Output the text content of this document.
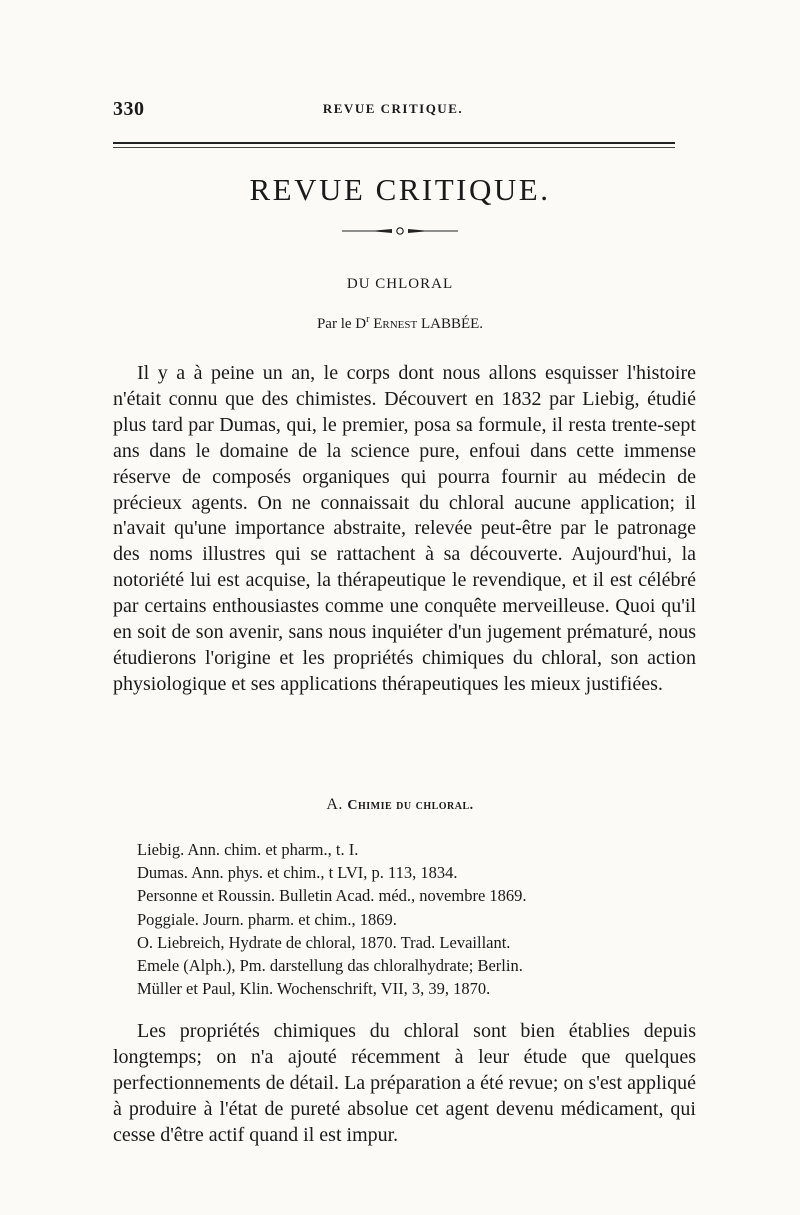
330	REVUE CRITIQUE.
REVUE CRITIQUE.
DU CHLORAL
Par le $D^r$ Ernest LABBÉE.

Il y a à peine un an, le corps dont nous allons esquisser l'histoire n'était connu que des chimistes. Découvert en 1832 par Liebig, étudié plus tard par Dumas, qui, le premier, posa sa formule, il resta trente-sept ans dans le domaine de la science pure, enfoui dans cette immense réserve de composés organiques qui pourra fournir au médecin de précieux agents. On ne connaissait du chloral aucune application; il n'avait qu'une importance abstraite, relevée peut-être par le patronage des noms illustres qui se rattachent à sa découverte. Aujourd'hui, la notoriété lui est acquise, la thérapeutique le revendique, et il est célébré par certains enthousiastes comme une conquête merveilleuse. Quoi qu'il en soit de son avenir, sans nous inquiéter d'un jugement prématuré, nous étudierons l'origine et les propriétés chimiques du chloral, son action physiologique et ses applications thérapeutiques les mieux justifiées.

A. Chimie du chloral.
Liebig. Ann. chim. et pharm., t. I.
Dumas. Ann. phys. et chim., t LVI, p. 113, 1834.
Personne et Roussin. Bulletin Acad. méd., novembre 1869.
Poggiale. Journ. pharm. et chim., 1869.
O. Liebreich, Hydrate de chloral, 1870. Trad. Levaillant.
Emele (Alph.), Pm. darstellung das chloralhydrate; Berlin.
Müller et Paul, Klin. Wochenschrift, VII, 3, 39, 1870.

Les propriétés chimiques du chloral sont bien établies depuis longtemps; on n'a ajouté récemment à leur étude que quelques perfectionnements de détail. La préparation a été revue; on s'est appliqué à produire à l'état de pureté absolue cet agent devenu médicament, qui cesse d'être actif quand il est impur.
